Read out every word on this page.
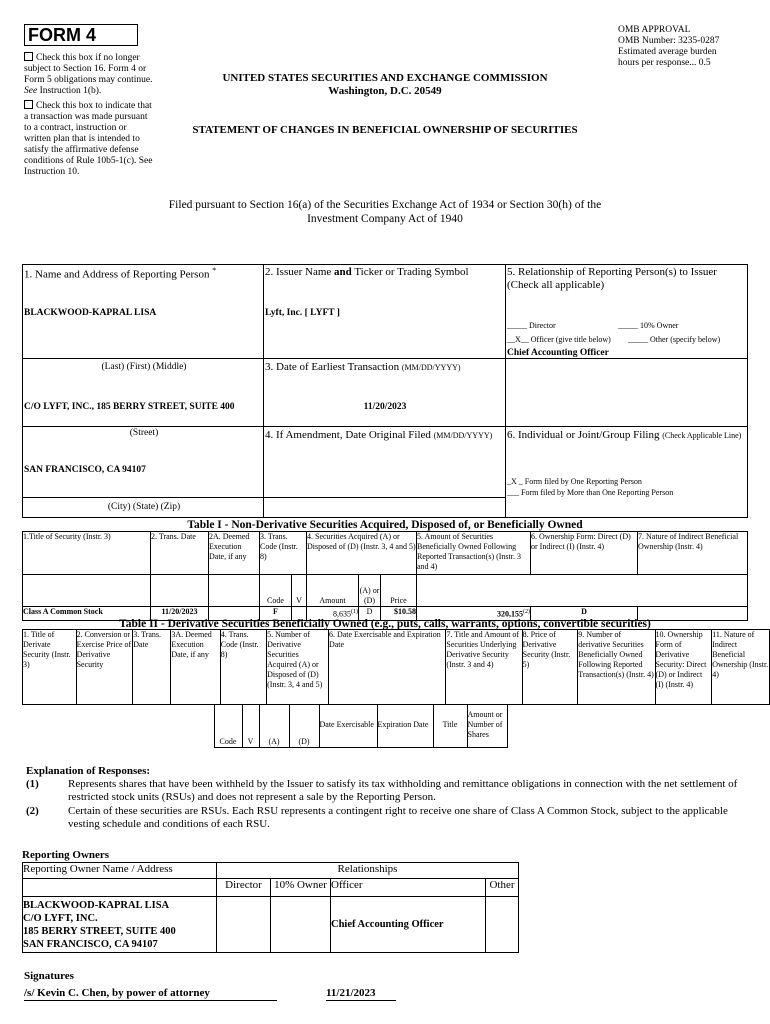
FORM 4
Check this box if no longer subject to Section 16. Form 4 or Form 5 obligations may continue. See Instruction 1(b).
Check this box to indicate that a transaction was made pursuant to a contract, instruction or written plan that is intended to satisfy the affirmative defense conditions of Rule 10b5-1(c). See Instruction 10.
OMB APPROVAL
OMB Number: 3235-0287
Estimated average burden
hours per response... 0.5
UNITED STATES SECURITIES AND EXCHANGE COMMISSION
Washington, D.C. 20549
STATEMENT OF CHANGES IN BENEFICIAL OWNERSHIP OF SECURITIES
Filed pursuant to Section 16(a) of the Securities Exchange Act of 1934 or Section 30(h) of the
Investment Company Act of 1940
1. Name and Address of Reporting Person *
BLACKWOOD-KAPRAL LISA
(Last) (First) (Middle)
C/O LYFT, INC., 185 BERRY STREET, SUITE 400
(Street)
SAN FRANCISCO, CA 94107
(City) (State) (Zip)
2. Issuer Name and Ticker or Trading Symbol
Lyft, Inc. [ LYFT ]
3. Date of Earliest Transaction (MM/DD/YYYY)
11/20/2023
4. If Amendment, Date Original Filed (MM/DD/YYYY)
5. Relationship of Reporting Person(s) to Issuer (Check all applicable)
_____ Director	_____ 10% Owner
__X__ Officer (give title below) _____ Other (specify below)
Chief Accounting Officer
6. Individual or Joint/Group Filing (Check Applicable Line)
_X _ Form filed by One Reporting Person
___ Form filed by More than One Reporting Person
Table I - Non-Derivative Securities Acquired, Disposed of, or Beneficially Owned
1.Title of Security (Instr. 3)	2. Trans. Date	2A. Deemed Execution Date, if any	3. Trans. Code (Instr. 8)	4. Securities Acquired (A) or Disposed of (D) (Instr. 3, 4 and 5)	5. Amount of Securities Beneficially Owned Following Reported Transaction(s) (Instr. 3 and 4)	6. Ownership Form: Direct (D) or Indirect (I) (Instr. 4)	7. Nature of Indirect Beneficial Ownership (Instr. 4)
			Code	V	Amount	(A) or (D)	Price			
Class A Common Stock	11/20/2023		F		8,635$^{(1)}$	D	$10.58	320,155$^{(2)}$	D	
Table II - Derivative Securities Beneficially Owned (e.g., puts, calls, warrants, options, convertible securities)
1. Title of Derivate Security (Instr. 3)	2. Conversion or Exercise Price of Derivative Security	3. Trans. Date	3A. Deemed Execution Date, if any	4. Trans. Code (Instr. 8)	5. Number of Derivative Securities Acquired (A) or Disposed of (D) (Instr. 3, 4 and 5)	6. Date Exercisable and Expiration Date	7. Title and Amount of Securities Underlying Derivative Security (Instr. 3 and 4)	8. Price of Derivative Security (Instr. 5)	9. Number of derivative Securities Beneficially Owned Following Reported Transaction(s) (Instr. 4)	10. Ownership Form of Derivative Security: Direct (D) or Indirect (I) (Instr. 4)	11. Nature of Indirect Beneficial Ownership (Instr. 4)
				Code	V	(A)	(D)	Date Exercisable	Expiration Date	Title	Amount or Number of Shares	
Explanation of Responses:
(1)	Represents shares that have been withheld by the Issuer to satisfy its tax withholding and remittance obligations in connection with the net settlement of restricted stock units (RSUs) and does not represent a sale by the Reporting Person.
(2)	Certain of these securities are RSUs. Each RSU represents a contingent right to receive one share of Class A Common Stock, subject to the applicable vesting schedule and conditions of each RSU.
Reporting Owners
Reporting Owner Name / Address	Relationships			
	Director	10% Owner	Officer	Other

BLACKWOOD-KAPRAL LISA
C/O LYFT, INC.
185 BERRY STREET, SUITE 400
SAN FRANCISCO, CA 94107			Chief Accounting Officer	
Signatures
/s/ Kevin C. Chen, by power of attorney	11/21/2023
